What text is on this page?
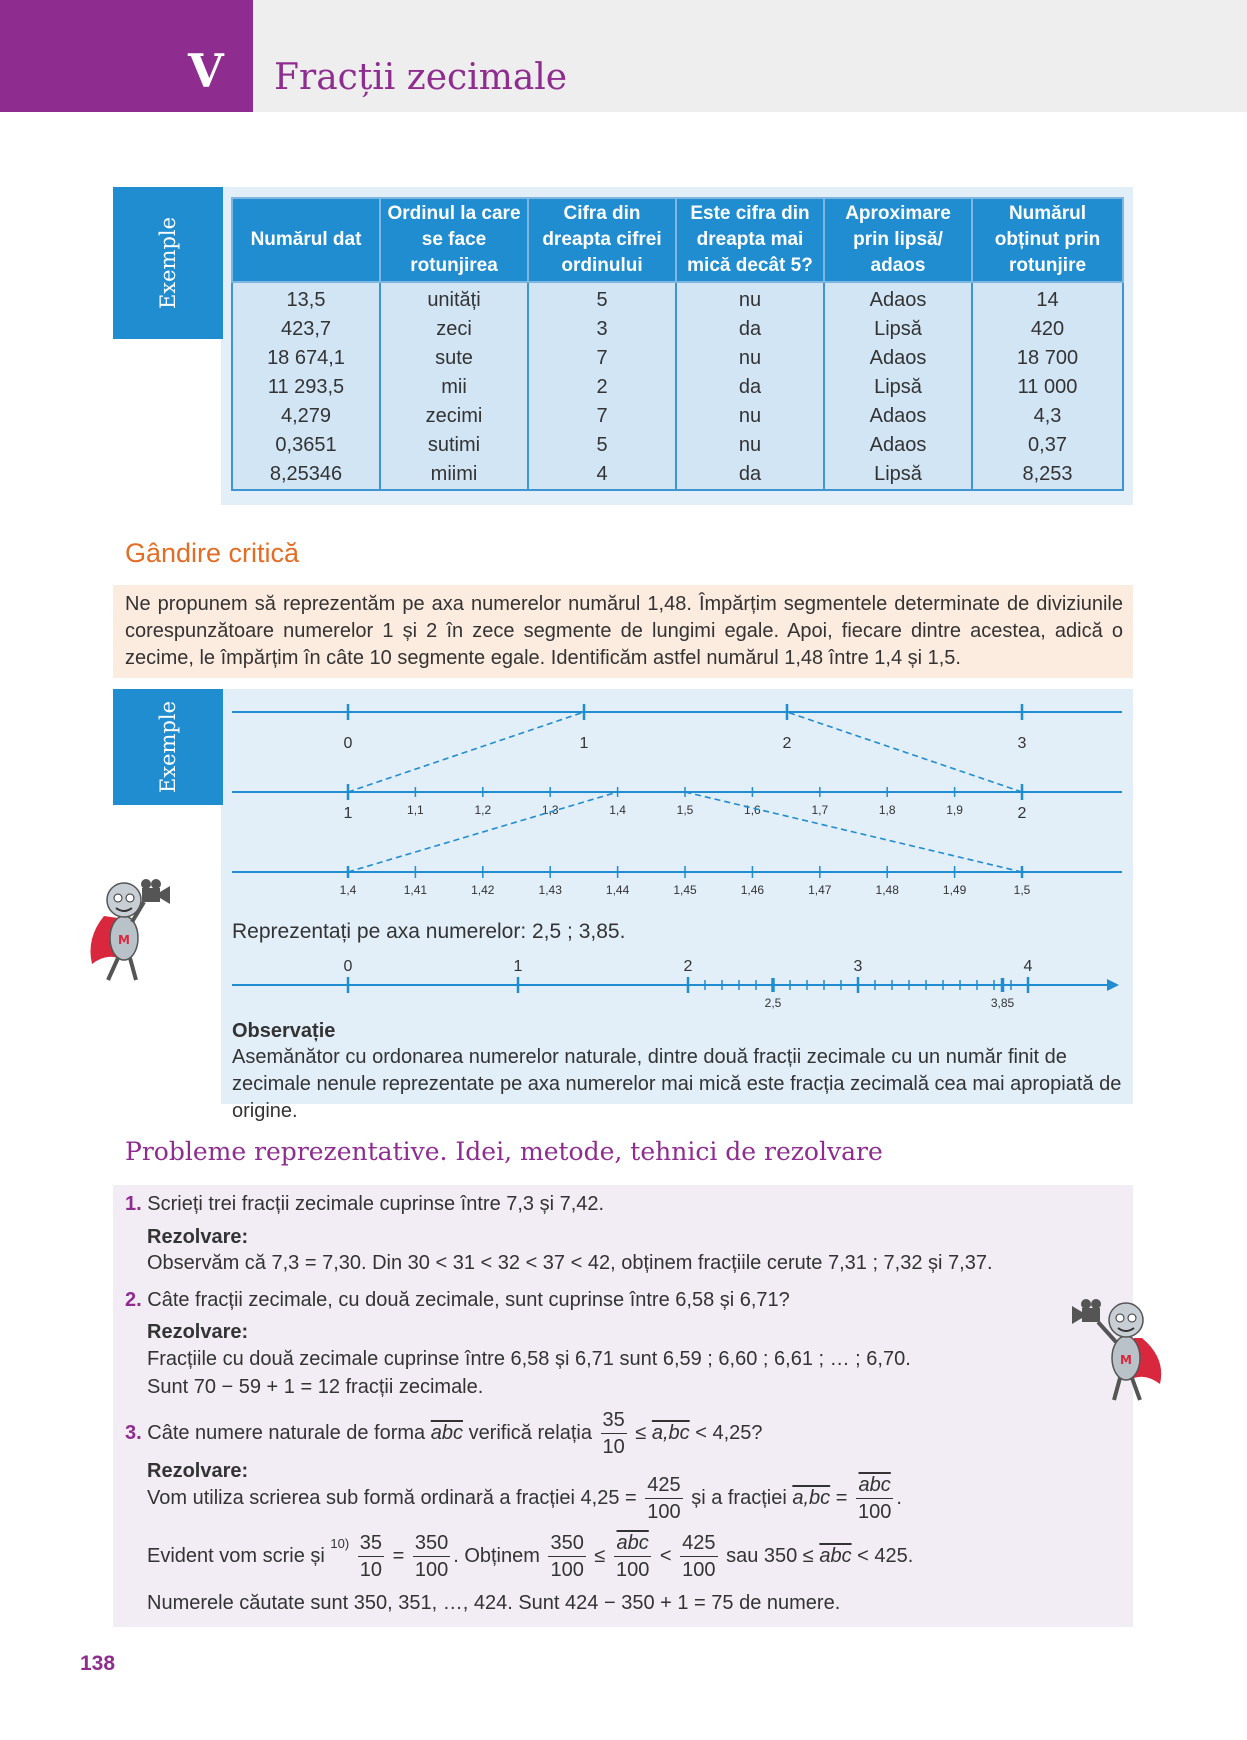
V Fracții zecimale
Exemple	Numărul dat	Ordinul la care se face rotunjirea	Cifra din dreapta cifrei ordinului	Este cifra din dreapta mai mică decât 5?	Aproximare prin lipsă/ adaos	Numărul obținut prin rotunjire
13,5	unități	5	nu	Adaos	14
423,7	zeci	3	da	Lipsă	420
18 674,1	sute	7	nu	Adaos	18 700
11 293,5	mii	2	da	Lipsă	11 000
4,279	zecimi	7	nu	Adaos	4,3
0,3651	sutimi	5	nu	Adaos	0,37
8,25346	miimi	4	da	Lipsă	8,253
Gândire critică
Ne propunem să reprezentăm pe axa numerelor numărul 1,48. Împărțim segmentele determinate de diviziunile corespunzătoare numerelor 1 și 2 în zece segmente de lungimi egale. Apoi, fiecare dintre acestea, adică o zecime, le împărțim în câte 10 segmente egale. Identificăm astfel numărul 1,48 între 1,4 și 1,5.
Exemple	0	1	2	3
1	1,1	1,2	1,3	1,4	1,5	1,6	1,7	1,8	1,9	2
1,4	1,41	1,42	1,43	1,44	1,45	1,46	1,47	1,48	1,49	1,5
0	1	2	3	4
2,5	3,85
Reprezentați pe axa numerelor: 2,5 ; 3,85.
Observație
Asemănător cu ordonarea numerelor naturale, dintre două fracții zecimale cu un număr finit de zecimale nenule reprezentate pe axa numerelor mai mică este fracția zecimală cea mai apropiată de origine.
M
Probleme reprezentative. Idei, metode, tehnici de rezolvare
1. Scrieți trei fracții zecimale cuprinse între 7,3 și 7,42.
Rezolvare:
Observăm că 7,3 = 7,30. Din 30 < 31 < 32 < 37 < 42, obținem fracțiile cerute 7,31 ; 7,32 și 7,37.
2. Câte fracții zecimale, cu două zecimale, sunt cuprinse între 6,58 și 6,71?
Rezolvare:
Fracțiile cu două zecimale cuprinse între 6,58 și 6,71 sunt 6,59 ; 6,60 ; 6,61 ; … ; 6,70.
Sunt 70 − 59 + 1 = 12 fracții zecimale.
3. Câte numere naturale de forma $\overline{abc}$ verifică relația $\frac{35}{10} \le a,bc < 4,25$?
Rezolvare:
Vom utiliza scrierea sub formă ordinară a fracției $4,25 = \frac{425}{100}$ și a fracției a,bc =
$\overline{abc}$
100
.
Evident vom scrie și $^{10)} \frac{35}{10} = \frac{350}{100}$ . Obținem $\frac{350}{100}$ ≤
$\overline{abc}$
100
< $\frac{425}{100}$ sau $350 \le \overline{abc} < 425$.
Numerele căutate sunt 350, 351, …, 424. Sunt 424 − 350 + 1 = 75 de numere.
M
138
